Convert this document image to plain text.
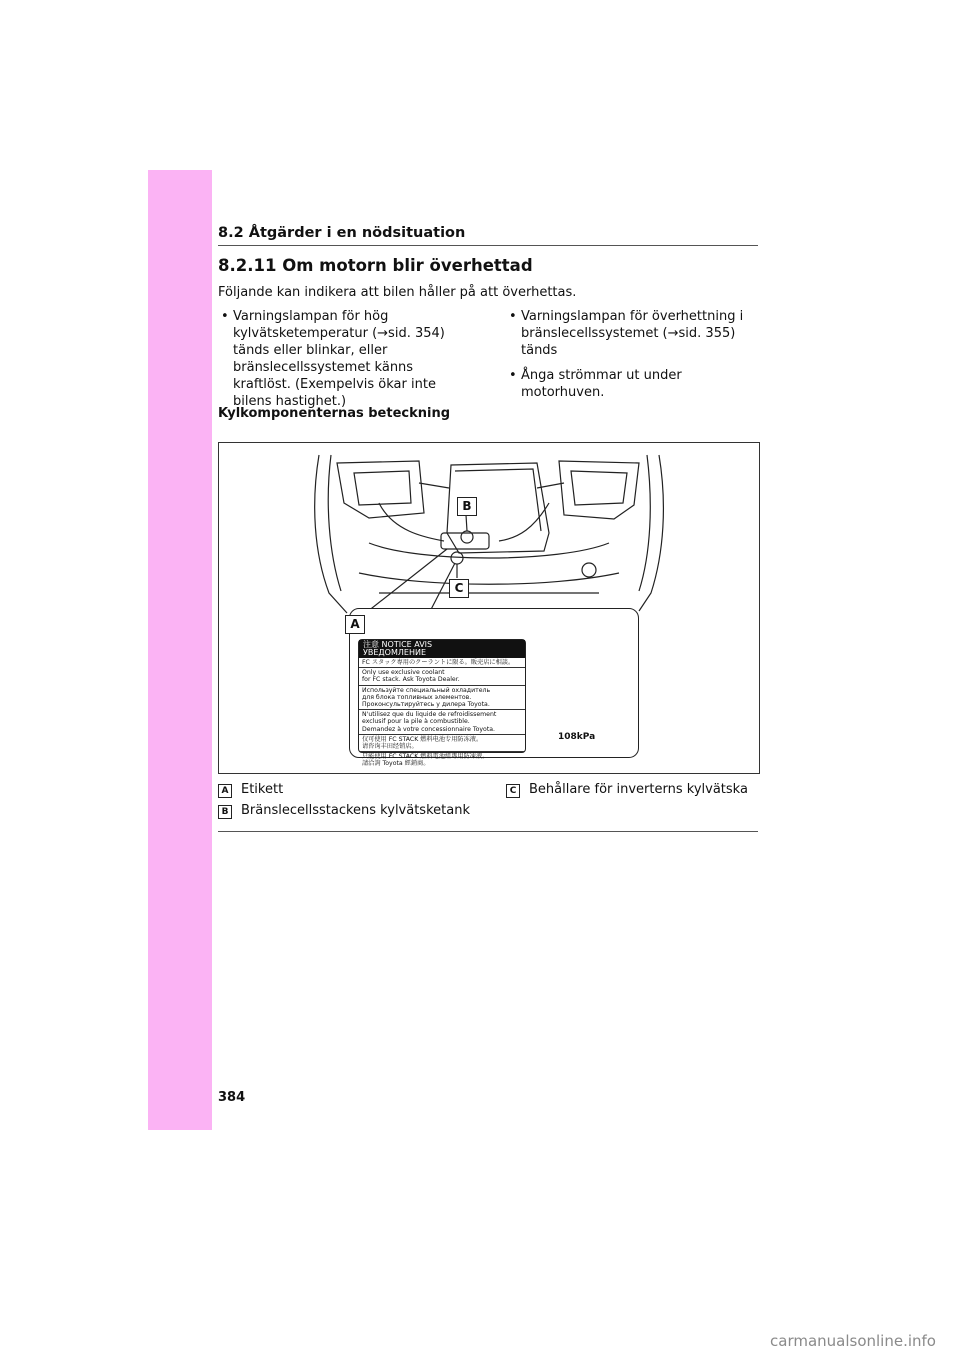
8.2 Åtgärder i en nödsituation
8.2.11 Om motorn blir överhettad
Följande kan indikera att bilen håller på att överhettas.
• Varningslampan för hög kylvätsketemperatur (→sid. 354) tänds eller blinkar, eller bränslecellssystemet känns kraftlöst. (Exempelvis ökar inte bilens hastighet.)
• Varningslampan för överhettning i bränslecellssystemet (→sid. 355) tänds
• Ånga strömmar ut under motorhuven.
Kylkomponenternas beteckning
注意 NOTICE AVIS
УВЕДОМЛЕНИЕ
FC スタック専用のクーラントに限る。販売店に相談。
Only use exclusive coolant
for FC stack. Ask Toyota Dealer.
Используйте специальный охладитель
для блока топливных элементов.
Проконсультируйтесь у дилера Toyota.
N'utilisez que du liquide de refroidissement
exclusif pour la pile à combustible.
Demandez à votre concessionnaire Toyota.
仅可使用 FC STACK 燃料电池专用防冻液。
请咨询丰田经销店。
只能使用 FC STACK 燃料電池組專用防凍液。
請洽詢 Toyota 經銷商。
108kPa
A
B
C
A Etikett
B Bränslecellsstackens kylvätsketank
C Behållare för inverterns kylvätska
384
carmanualsonline.info
